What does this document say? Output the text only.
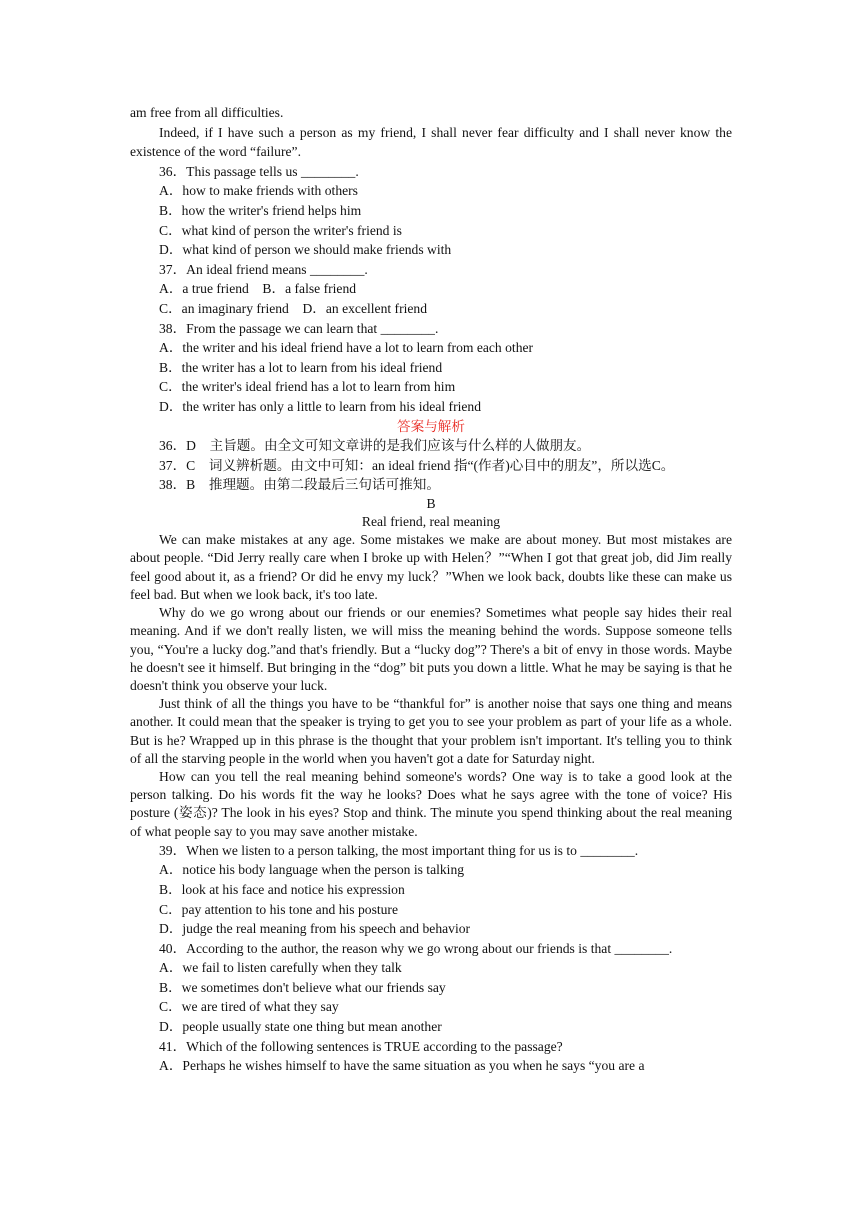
am free from all difficulties.

Indeed, if I have such a person as my friend, I shall never fear difficulty and I shall never know the existence of the word “failure”.

36．This passage tells us ________.

A．how to make friends with others

B．how the writer's friend helps him

C．what kind of person the writer's friend is

D．what kind of person we should make friends with

37．An ideal friend means ________.

A．a true friend　B．a false friend

C．an imaginary friend　D．an excellent friend

38．From the passage we can learn that ________.

A．the writer and his ideal friend have a lot to learn from each other

B．the writer has a lot to learn from his ideal friend

C．the writer's ideal friend has a lot to learn from him

D．the writer has only a little to learn from his ideal friend

答案与解析

36．D　主旨题。由全文可知文章讲的是我们应该与什么样的人做朋友。

37．C　词义辨析题。由文中可知：an ideal friend 指“(作者)心目中的朋友”，所以选C。

38．B　推理题。由第二段最后三句话可推知。

B

Real friend, real meaning

We can make mistakes at any age. Some mistakes we make are about money. But most mistakes are about people. “Did Jerry really care when I broke up with Helen？”“When I got that great job, did Jim really feel good about it, as a friend? Or did he envy my luck？”When we look back, doubts like these can make us feel bad. But when we look back, it's too late.

Why do we go wrong about our friends or our enemies? Sometimes what people say hides their real meaning. And if we don't really listen, we will miss the meaning behind the words. Suppose someone tells you, “You're a lucky dog.”and that's friendly. But a “lucky dog”? There's a bit of envy in those words. Maybe he doesn't see it himself. But bringing in the “dog” bit puts you down a little. What he may be saying is that he doesn't think you observe your luck.

Just think of all the things you have to be “thankful for” is another noise that says one thing and means another. It could mean that the speaker is trying to get you to see your problem as part of your life as a whole. But is he? Wrapped up in this phrase is the thought that your problem isn't important. It's telling you to think of all the starving people in the world when you haven't got a date for Saturday night.

How can you tell the real meaning behind someone's words? One way is to take a good look at the person talking. Do his words fit the way he looks? Does what he says agree with the tone of voice? His posture (姿态)? The look in his eyes? Stop and think. The minute you spend thinking about the real meaning of what people say to you may save another mistake.

39．When we listen to a person talking, the most important thing for us is to ________.

A．notice his body language when the person is talking

B．look at his face and notice his expression

C．pay attention to his tone and his posture

D．judge the real meaning from his speech and behavior

40．According to the author, the reason why we go wrong about our friends is that ________.

A．we fail to listen carefully when they talk

B．we sometimes don't believe what our friends say

C．we are tired of what they say

D．people usually state one thing but mean another

41．Which of the following sentences is TRUE according to the passage?

A．Perhaps he wishes himself to have the same situation as you when he says “you are a
